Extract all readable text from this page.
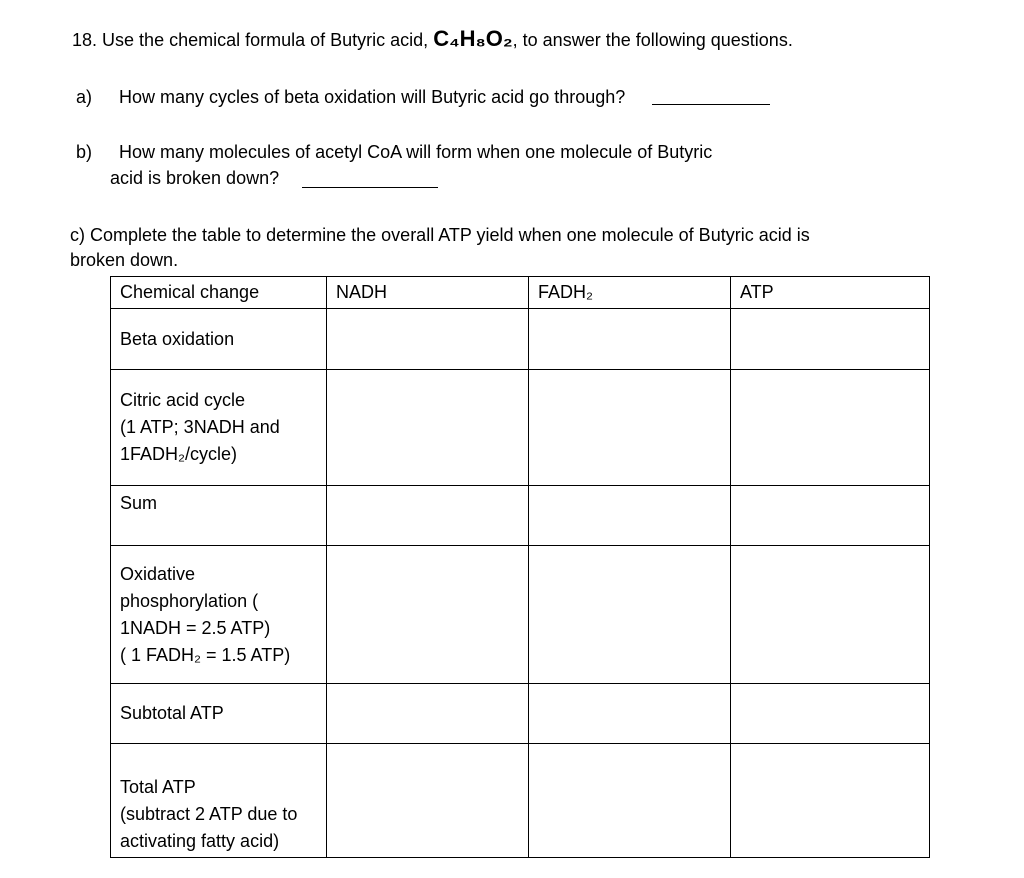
18. Use the chemical formula of Butyric acid, C₄H₈O₂, to answer the following questions.
a) How many cycles of beta oxidation will Butyric acid go through?
b) How many molecules of acetyl CoA will form when one molecule of Butyric
acid is broken down?
c) Complete the table to determine the overall ATP yield when one molecule of Butyric acid is
broken down.
Chemical change	NADH	FADH₂	ATP

Beta oxidation			

Citric acid cycle
(1 ATP; 3NADH and
1FADH₂/cycle)			

Sum			

Oxidative
phosphorylation (
1NADH = 2.5 ATP)
( 1 FADH₂ = 1.5 ATP)			

Subtotal ATP			

Total ATP
(subtract 2 ATP due to
activating fatty acid)			
